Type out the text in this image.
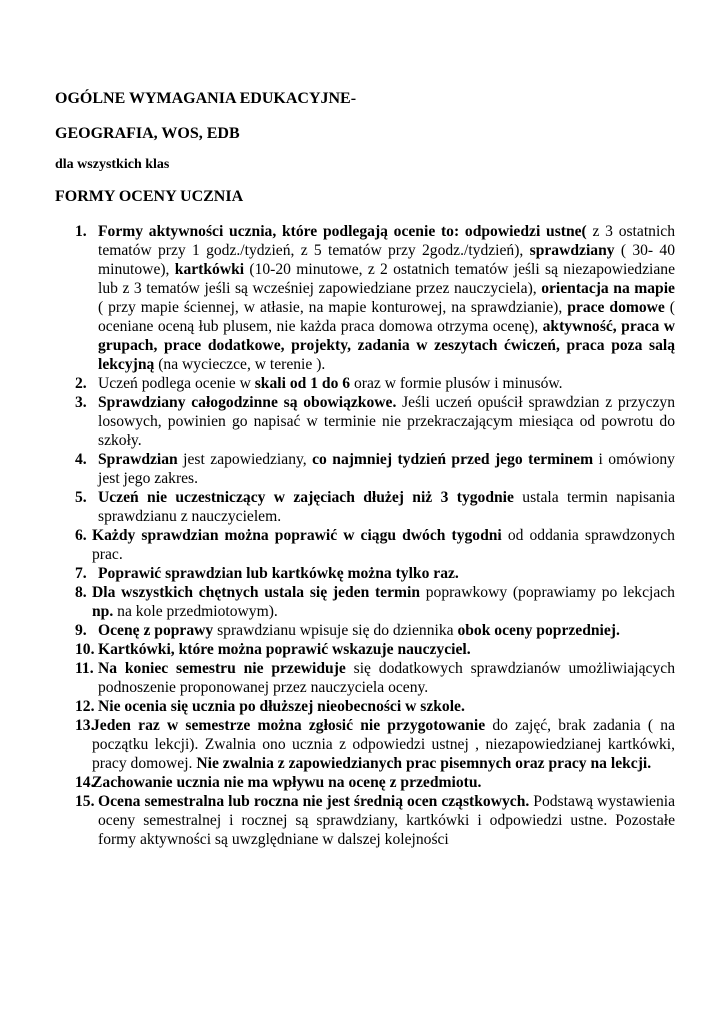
OGÓLNE WYMAGANIA EDUKACYJNE-
GEOGRAFIA, WOS, EDB
dla wszystkich klas
FORMY OCENY UCZNIA
1. Formy aktywności ucznia, które podlegają ocenie to: odpowiedzi ustne( z 3 ostatnich tematów przy 1 godz./tydzień, z 5 tematów przy 2godz./tydzień), sprawdziany ( 30- 40 minutowe), kartkówki (10-20 minutowe, z 2 ostatnich tematów jeśli są niezapowiedziane lub z 3 tematów jeśli są wcześniej zapowiedziane przez nauczyciela), orientacja na mapie ( przy mapie ściennej, w atłasie, na mapie konturowej, na sprawdzianie), prace domowe ( oceniane oceną łub plusem, nie każda praca domowa otrzyma ocenę), aktywność, praca w grupach, prace dodatkowe, projekty, zadania w zeszytach ćwiczeń, praca poza salą lekcyjną (na wycieczce, w terenie ).
2. Uczeń podlega ocenie w skali od 1 do 6 oraz w formie plusów i minusów.
3. Sprawdziany całogodzinne są obowiązkowe. Jeśli uczeń opuścił sprawdzian z przyczyn losowych, powinien go napisać w terminie nie przekraczającym miesiąca od powrotu do szkoły.
4. Sprawdzian jest zapowiedziany, co najmniej tydzień przed jego terminem i omówiony jest jego zakres.
5. Uczeń nie uczestniczący w zajęciach dłużej niż 3 tygodnie ustala termin napisania sprawdzianu z nauczycielem.
6. Każdy sprawdzian można poprawić w ciągu dwóch tygodni od oddania sprawdzonych prac.
7. Poprawić sprawdzian lub kartkówkę można tylko raz.
8. Dla wszystkich chętnych ustala się jeden termin poprawkowy (poprawiamy po lekcjach np. na kole przedmiotowym).
9. Ocenę z poprawy sprawdzianu wpisuje się do dziennika obok oceny poprzedniej.
10. Kartkówki, które można poprawić wskazuje nauczyciel.
11. Na koniec semestru nie przewiduje się dodatkowych sprawdzianów umożliwiających podnoszenie proponowanej przez nauczyciela oceny.
12. Nie ocenia się ucznia po dłuższej nieobecności w szkole.
13.
Jeden raz w semestrze można zgłosić nie przygotowanie do zajęć, brak zadania ( na początku lekcji). Zwalnia ono ucznia z odpowiedzi ustnej , niezapowiedzianej kartkówki, pracy domowej. Nie zwalnia z zapowiedzianych prac pisemnych oraz pracy na lekcji.
14.
Zachowanie ucznia nie ma wpływu na ocenę z przedmiotu.
15. Ocena semestralna lub roczna nie jest średnią ocen cząstkowych. Podstawą wystawienia oceny semestralnej i rocznej są sprawdziany, kartkówki i odpowiedzi ustne. Pozostałe formy aktywności są uwzględniane w dalszej kolejności
